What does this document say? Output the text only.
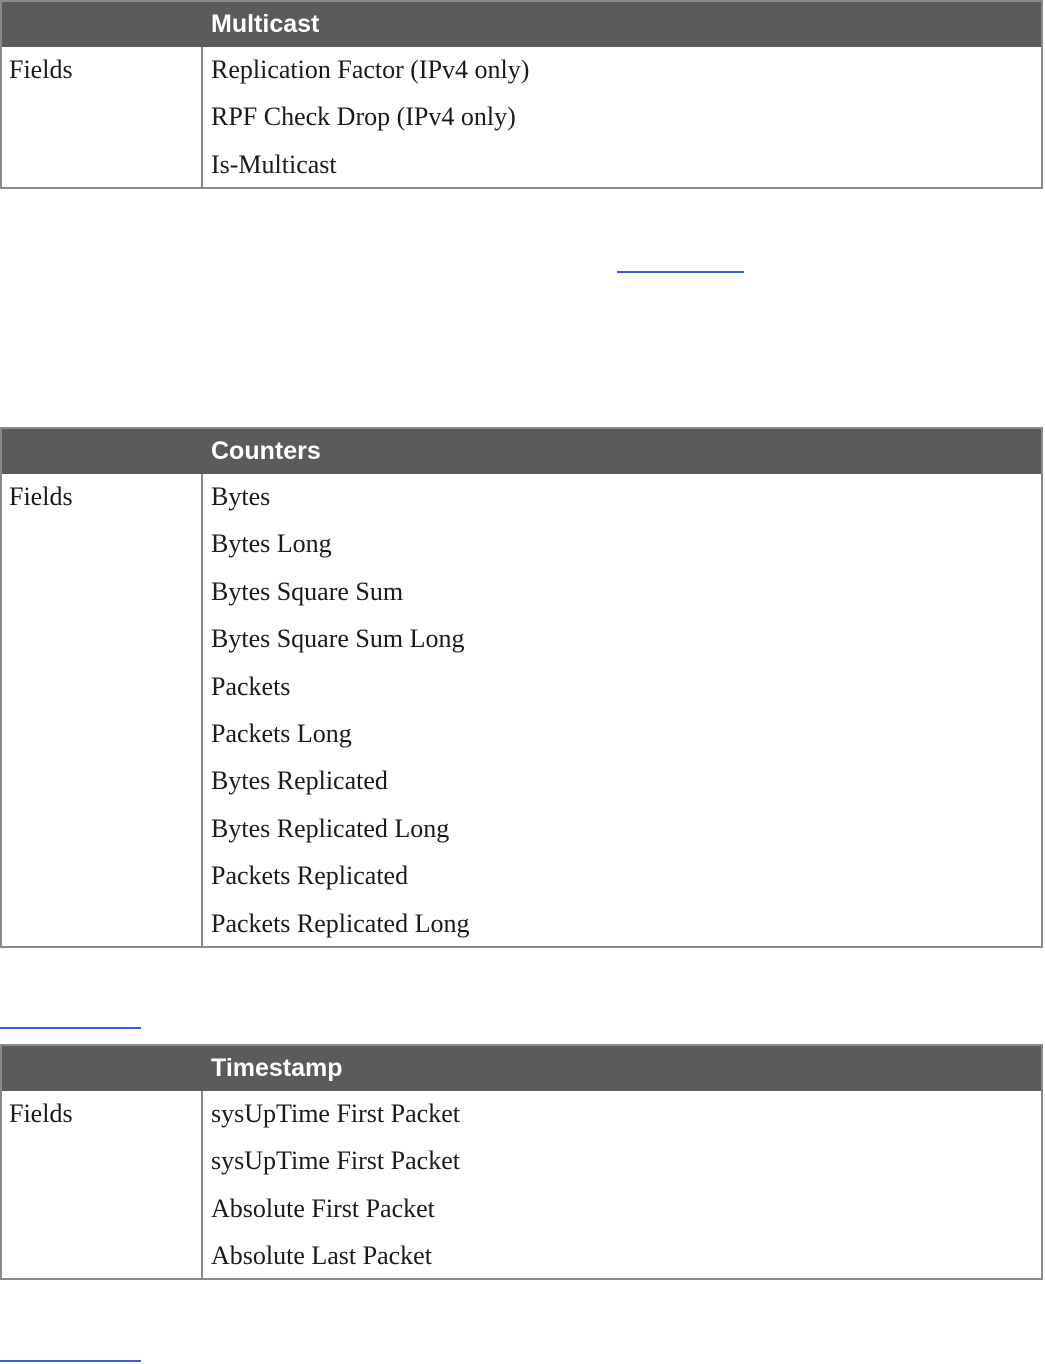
Multicast
Fields	Replication Factor (IPv4 only)
RPF Check Drop (IPv4 only)
Is-Multicast
Counters
Fields	Bytes
Bytes Long
Bytes Square Sum
Bytes Square Sum Long
Packets
Packets Long
Bytes Replicated
Bytes Replicated Long
Packets Replicated
Packets Replicated Long
Timestamp
Fields	sysUpTime First Packet
sysUpTime First Packet
Absolute First Packet
Absolute Last Packet
